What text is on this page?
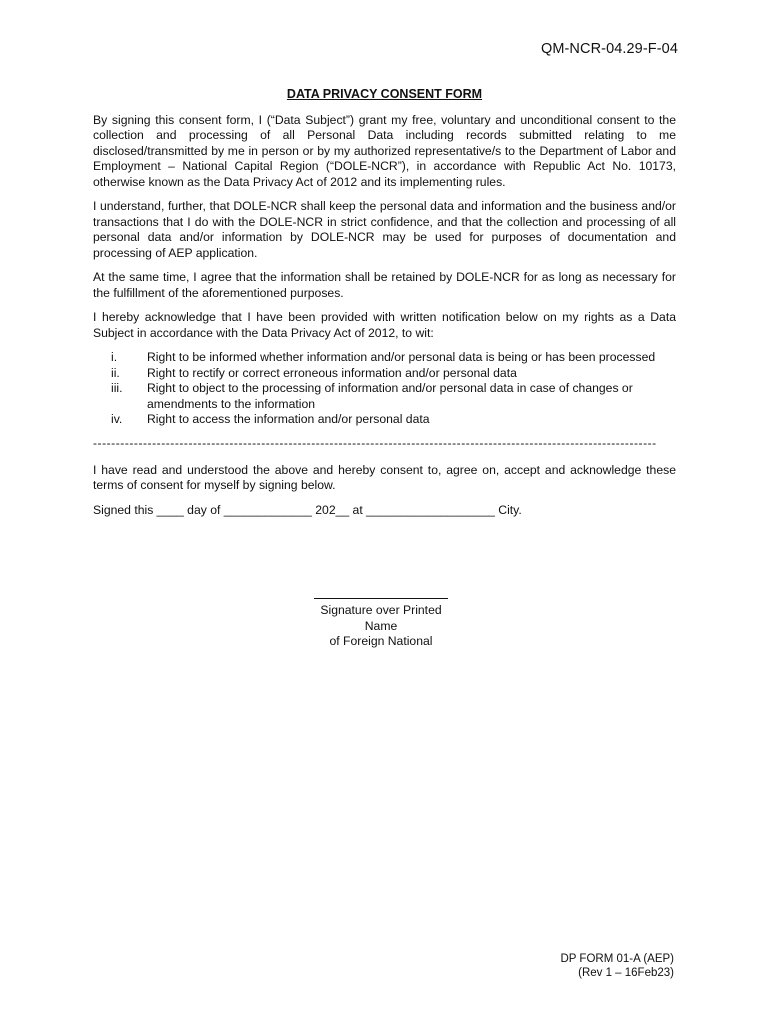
QM-NCR-04.29-F-04
DATA PRIVACY CONSENT FORM

By signing this consent form, I (“Data Subject”) grant my free, voluntary and unconditional consent to the collection and processing of all Personal Data including records submitted relating to me disclosed/transmitted by me in person or by my authorized representative/s to the Department of Labor and Employment – National Capital Region (“DOLE-NCR”), in accordance with Republic Act No. 10173, otherwise known as the Data Privacy Act of 2012 and its implementing rules.

I understand, further, that DOLE-NCR shall keep the personal data and information and the business and/or transactions that I do with the DOLE-NCR in strict confidence, and that the collection and processing of all personal data and/or information by DOLE-NCR may be used for purposes of documentation and processing of AEP application.

At the same time, I agree that the information shall be retained by DOLE-NCR for as long as necessary for the fulfillment of the aforementioned purposes.

I hereby acknowledge that I have been provided with written notification below on my rights as a Data Subject in accordance with the Data Privacy Act of 2012, to wit:

i.	Right to be informed whether information and/or personal data is being or has been processed
ii.	Right to rectify or correct erroneous information and/or personal data
iii.	Right to object to the processing of information and/or personal data in case of changes or amendments to the information
iv.	Right to access the information and/or personal data
----------------------------------------------------------------------------------------------------------------------------

I have read and understood the above and hereby consent to, agree on, accept and acknowledge these terms of consent for myself by signing below.

Signed this ____ day of _____________ 202__ at ___________________ City.
Signature over Printed Name
of Foreign National
DP FORM 01-A (AEP)
(Rev 1 – 16Feb23)
